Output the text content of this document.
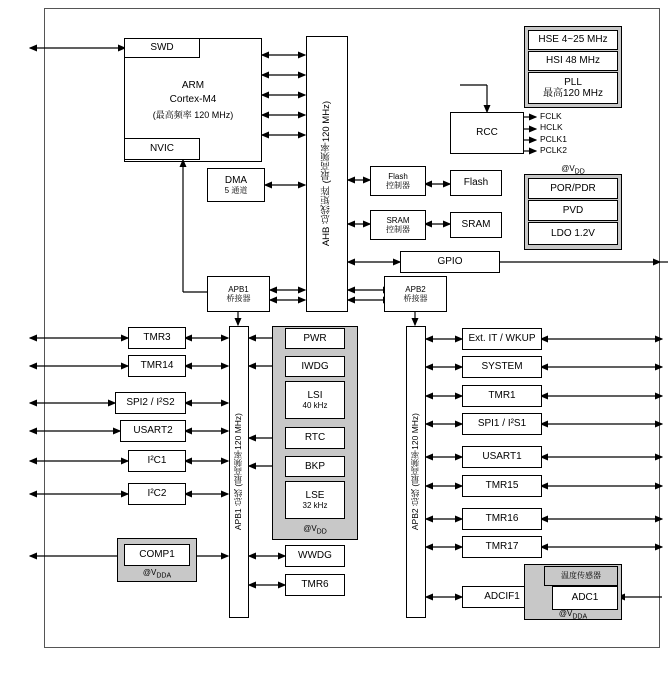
SWD
ARM
Cortex-M4
(最高频率 120 MHz)
NVIC	AHB 总线矩阵 (最高频率120 MHz)
HSE 4~25 MHz
HSI 48 MHz
PLL
最高120 MHz
RCC
FCLK
HCLK
PCLK1
PCLK2
@VDD
POR/PDR
PVD
LDO 1.2V
DMA
5 通道
Flash
控制器	Flash
SRAM
控制器	SRAM
GPIO
APB1
桥接器
APB2
桥接器
APB1 总线 (最高频率120 MHz)	APB2 总线 (最高频率120 MHz)
TMR3
TMR14
SPI2 / I²S2
USART2
I²C1
I²C2
COMP1
@VDDA
@VDD
PWR
IWDG
LSI
40 kHz
RTC
BKP
LSE
32 kHz
WWDG
TMR6
Ext. IT / WKUP
SYSTEM
TMR1
SPI1 / I²S1
USART1
TMR15
TMR16
TMR17
ADCIF1
温度传感器
ADC1
@VDDA
